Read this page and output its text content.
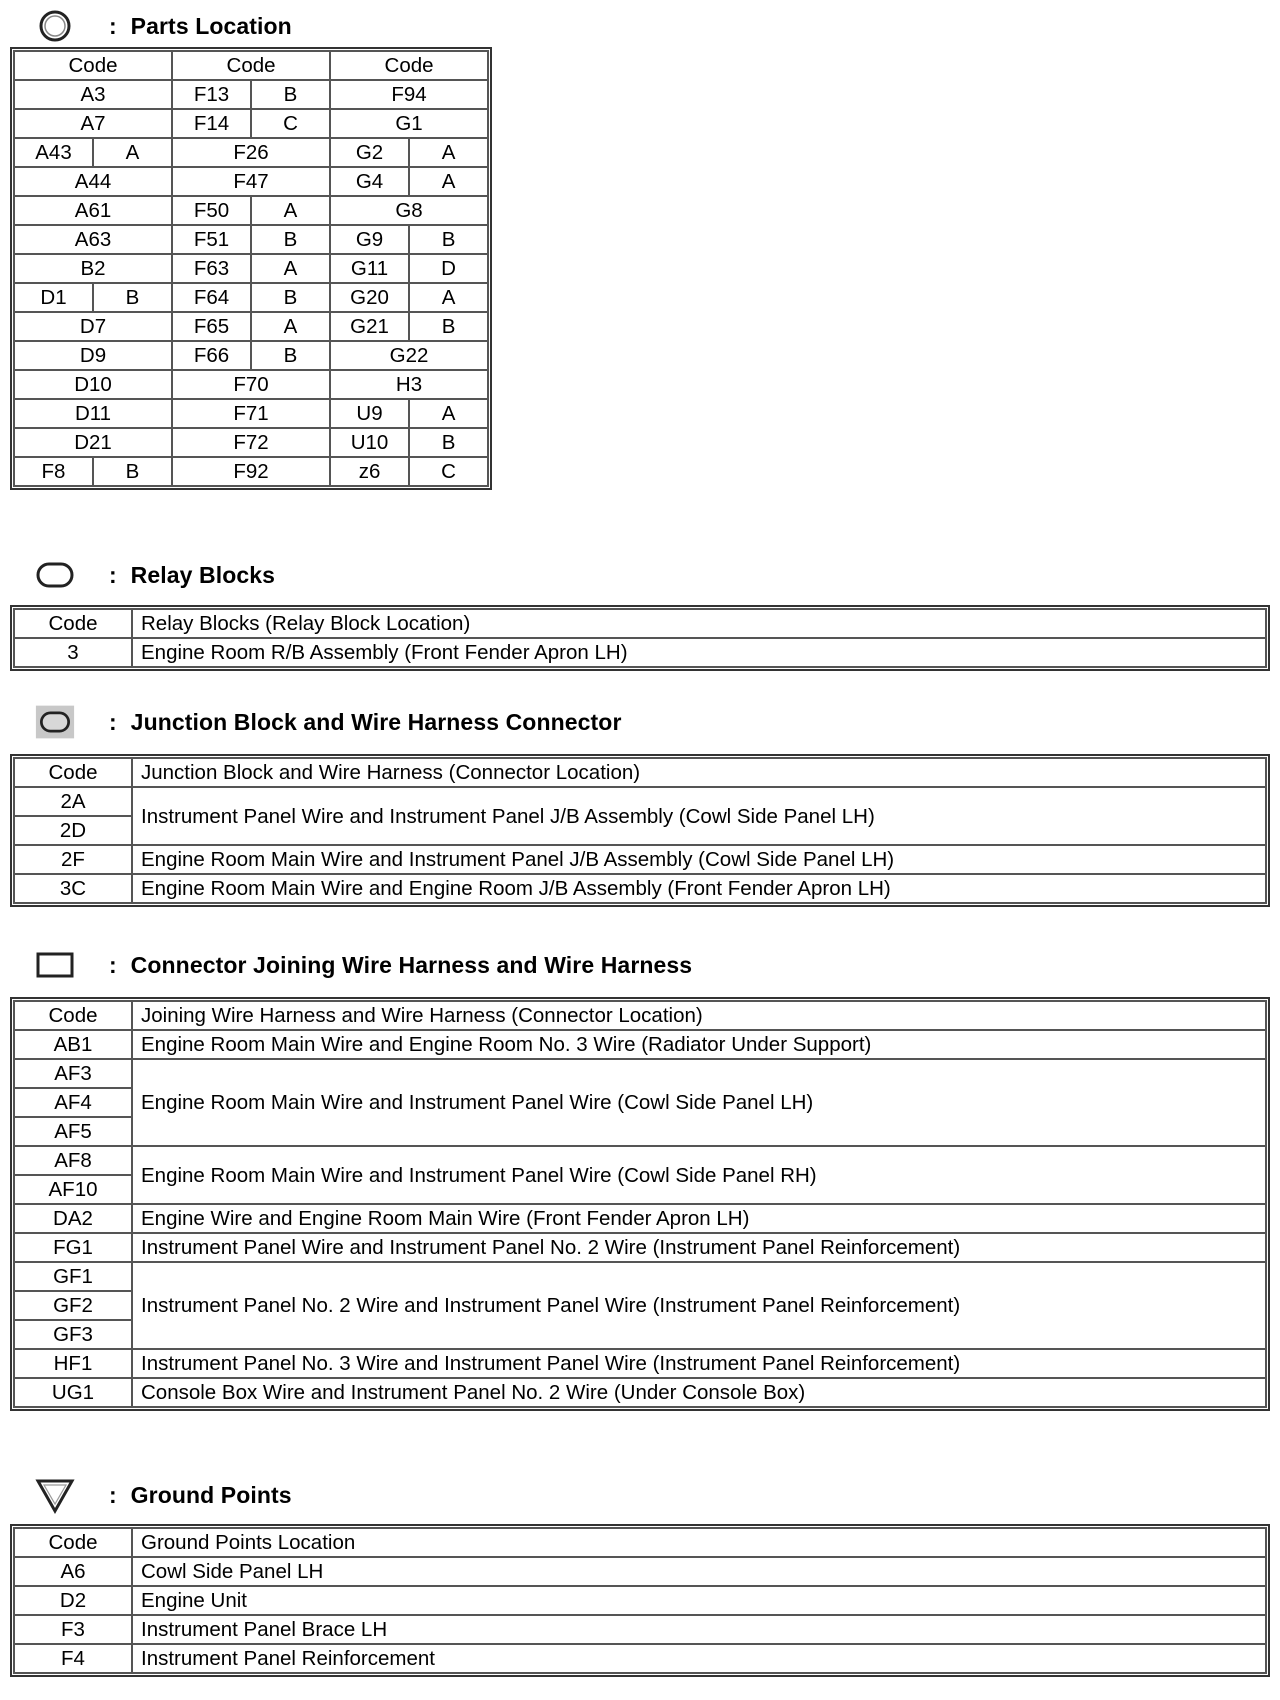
: Parts Location
Code		Code		Code	
A3		F13	B	F94	
A7		F14	C	G1	
A43	A	F26		G2	A
A44		F47		G4	A
A61		F50	A	G8	
A63		F51	B	G9	B
B2		F63	A	G11	D
D1	B	F64	B	G20	A
D7		F65	A	G21	B
D9		F66	B	G22	
D10		F70		H3	
D11		F71		U9	A
D21		F72		U10	B
F8	B	F92		z6	C
: Relay Blocks
Code	Relay Blocks (Relay Block Location)
3	Engine Room R/B Assembly (Front Fender Apron LH)
: Junction Block and Wire Harness Connector
Code	Junction Block and Wire Harness (Connector Location)
2A	Instrument Panel Wire and Instrument Panel J/B Assembly (Cowl Side Panel LH)
2D	
2F	Engine Room Main Wire and Instrument Panel J/B Assembly (Cowl Side Panel LH)
3C	Engine Room Main Wire and Engine Room J/B Assembly (Front Fender Apron LH)
: Connector Joining Wire Harness and Wire Harness
Code	Joining Wire Harness and Wire Harness (Connector Location)
AB1	Engine Room Main Wire and Engine Room No. 3 Wire (Radiator Under Support)
AF3	Engine Room Main Wire and Instrument Panel Wire (Cowl Side Panel LH)
AF4	
AF5	
AF8	Engine Room Main Wire and Instrument Panel Wire (Cowl Side Panel RH)
AF10	
DA2	Engine Wire and Engine Room Main Wire (Front Fender Apron LH)
FG1	Instrument Panel Wire and Instrument Panel No. 2 Wire (Instrument Panel Reinforcement)
GF1	Instrument Panel No. 2 Wire and Instrument Panel Wire (Instrument Panel Reinforcement)
GF2	
GF3	
HF1	Instrument Panel No. 3 Wire and Instrument Panel Wire (Instrument Panel Reinforcement)
UG1	Console Box Wire and Instrument Panel No. 2 Wire (Under Console Box)
: Ground Points
Code	Ground Points Location
A6	Cowl Side Panel LH
D2	Engine Unit
F3	Instrument Panel Brace LH
F4	Instrument Panel Reinforcement
